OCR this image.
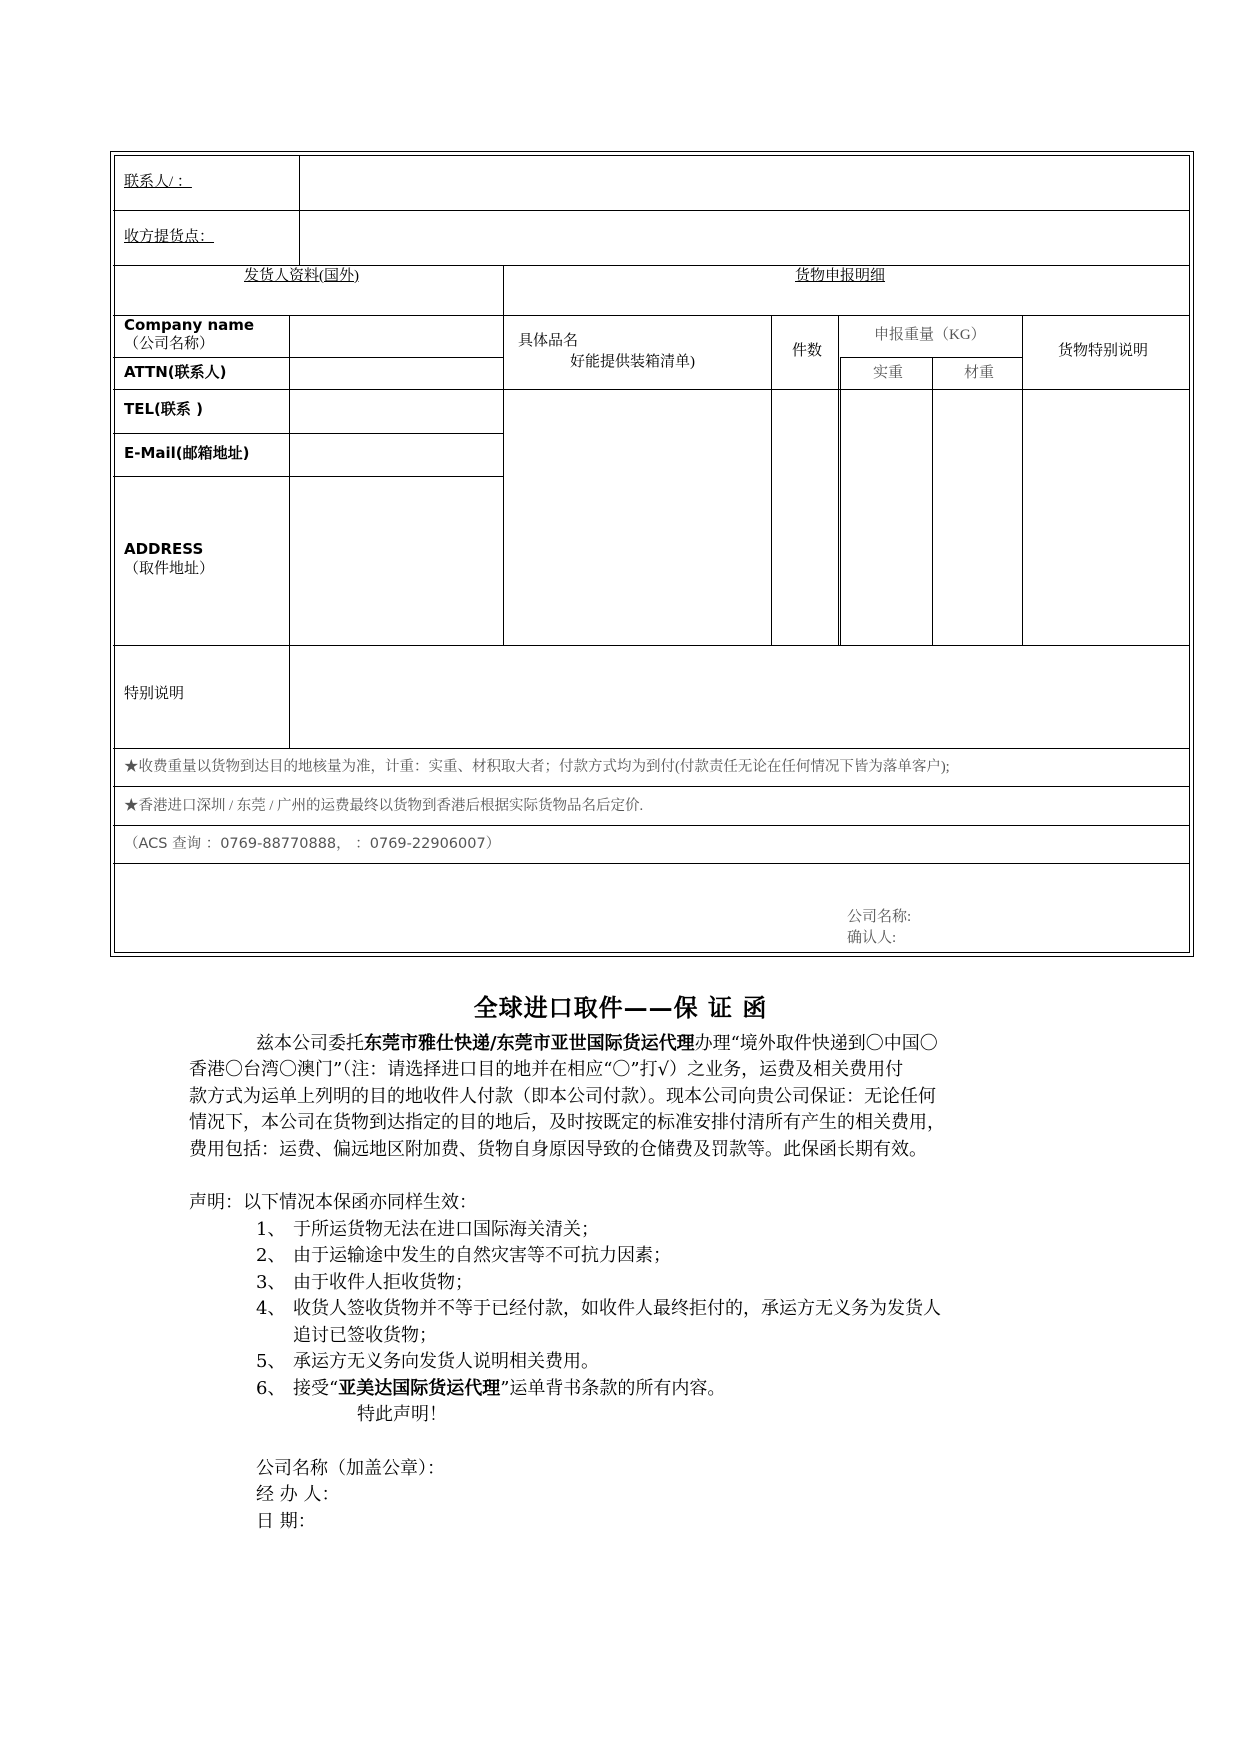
联系人/ ：
收方提货点：
发货人资料(国外)	货物申报明细
Company name
（公司名称）
ATTN(联系人)
TEL(联系 )
E-Mail(邮箱地址)
ADDRESS
（取件地址）
特别说明
具体品名
好能提供装箱清单)
件数
申报重量（KG）
实重	材重
货物特别说明
★收费重量以货物到达目的地核量为准，计重：实重、材积取大者；付款方式均为到付(付款责任无论在任何情况下皆为落单客户);
★香港进口深圳 / 东莞 / 广州的运费最终以货物到香港后根据实际货物品名后定价.
（ACS 查询 ：0769-88770888， ：0769-22906007）
公司名称:
确认人:
全球进口取件——保 证 函
兹本公司委托东莞市雅仕快递/东莞市亚世国际货运代理办理“境外取件快递到〇中国〇
香港〇台湾〇澳门”（注：请选择进口目的地并在相应“〇”打√）之业务，运费及相关费用付
款方式为运单上列明的目的地收件人付款（即本公司付款）。现本公司向贵公司保证：无论任何
情况下，本公司在货物到达指定的目的地后，及时按既定的标准安排付清所有产生的相关费用，
费用包括：运费、偏远地区附加费、货物自身原因导致的仓储费及罚款等。此保函长期有效。
声明：以下情况本保函亦同样生效：
1、 于所运货物无法在进口国际海关清关；
2、 由于运输途中发生的自然灾害等不可抗力因素；
3、 由于收件人拒收货物；
4、 收货人签收货物并不等于已经付款，如收件人最终拒付的，承运方无义务为发货人
追讨已签收货物；
5、 承运方无义务向发货人说明相关费用。
6、 接受“亚美达国际货运代理”运单背书条款的所有内容。
特此声明！
公司名称（加盖公章）：
经 办 人：
日 期：
